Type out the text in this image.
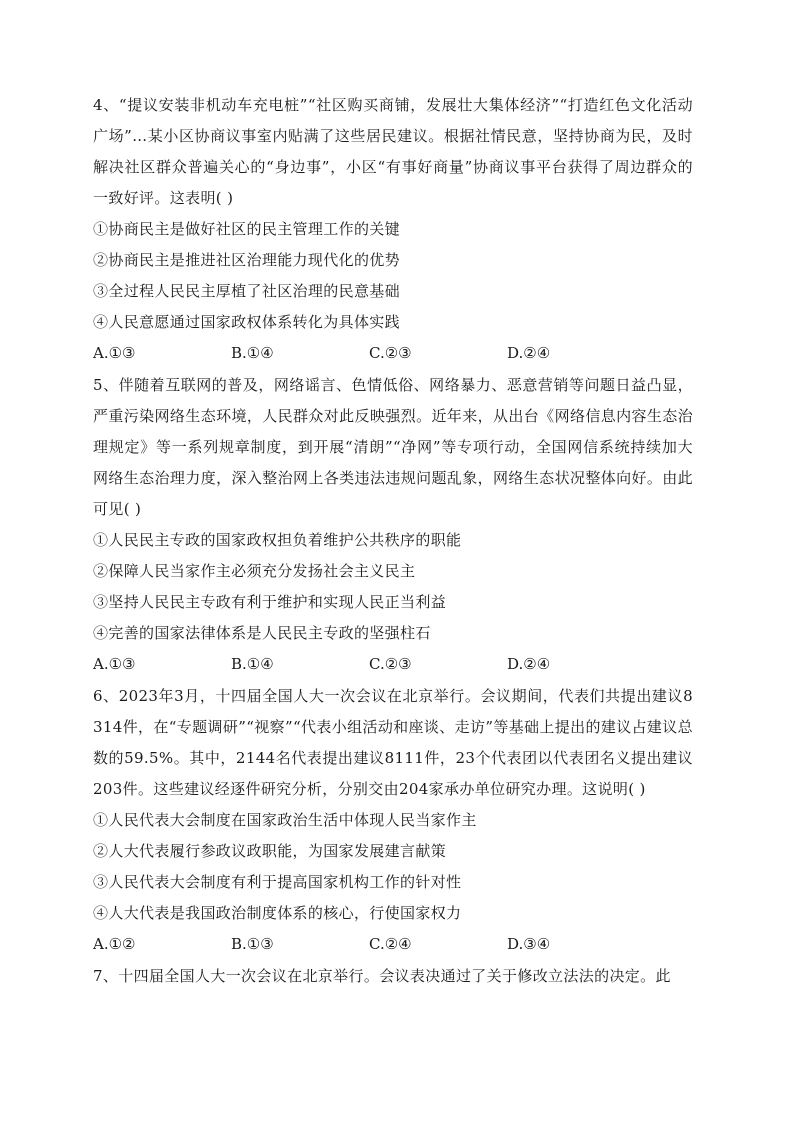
4、“提议安装非机动车充电桩”“社区购买商铺，发展壮大集体经济”“打造红色文化活动广场”…某小区协商议事室内贴满了这些居民建议。根据社情民意，坚持协商为民，及时解决社区群众普遍关心的“身边事”，小区“有事好商量”协商议事平台获得了周边群众的一致好评。这表明( )

①协商民主是做好社区的民主管理工作的关键

②协商民主是推进社区治理能力现代化的优势

③全过程人民民主厚植了社区治理的民意基础

④人民意愿通过国家政权体系转化为具体实践

A.①③	B.①④	C.②③	D.②④

5、伴随着互联网的普及，网络谣言、色情低俗、网络暴力、恶意营销等问题日益凸显，严重污染网络生态环境，人民群众对此反映强烈。近年来，从出台《网络信息内容生态治理规定》等一系列规章制度，到开展“清朗”“净网”等专项行动，全国网信系统持续加大网络生态治理力度，深入整治网上各类违法违规问题乱象，网络生态状况整体向好。由此可见( )

①人民民主专政的国家政权担负着维护公共秩序的职能

②保障人民当家作主必须充分发扬社会主义民主

③坚持人民民主专政有利于维护和实现人民正当利益

④完善的国家法律体系是人民民主专政的坚强柱石

A.①③	B.①④	C.②③	D.②④

6、2023年3月，十四届全国人大一次会议在北京举行。会议期间，代表们共提出建议8314件，在“专题调研”“视察”“代表小组活动和座谈、走访”等基础上提出的建议占建议总数的59.5%。其中，2144名代表提出建议8111件，23个代表团以代表团名义提出建议203件。这些建议经逐件研究分析，分别交由204家承办单位研究办理。这说明( )

①人民代表大会制度在国家政治生活中体现人民当家作主

②人大代表履行参政议政职能，为国家发展建言献策

③人民代表大会制度有利于提高国家机构工作的针对性

④人大代表是我国政治制度体系的核心，行使国家权力

A.①②	B.①③	C.②④	D.③④

7、十四届全国人大一次会议在北京举行。会议表决通过了关于修改立法法的决定。此
